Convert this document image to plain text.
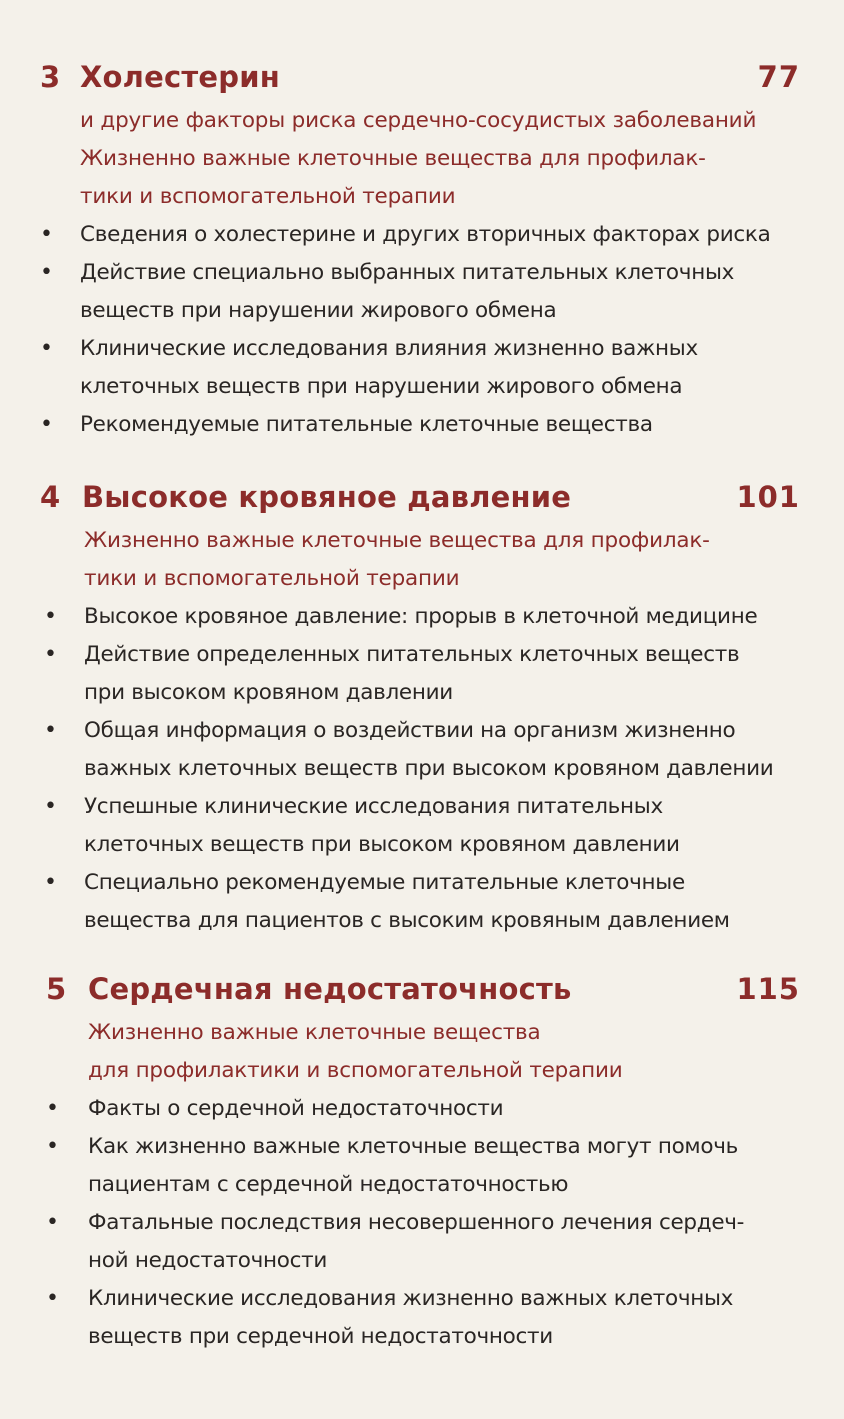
3 Холестерин	77
и другие факторы риска сердечно-сосудистых заболеваний
Жизненно важные клеточные вещества для профилак-
тики и вспомогательной терапии
• Сведения о холестерине и других вторичных факторах риска
• Действие специально выбранных питательных клеточных
веществ при нарушении жирового обмена
• Клинические исследования влияния жизненно важных
клеточных веществ при нарушении жирового обмена
• Рекомендуемые питательные клеточные вещества
4 Высокое кровяное давление	101
Жизненно важные клеточные вещества для профилак-
тики и вспомогательной терапии
• Высокое кровяное давление: прорыв в клеточной медицине
• Действие определенных питательных клеточных веществ
при высоком кровяном давлении
• Общая информация о воздействии на организм жизненно
важных клеточных веществ при высоком кровяном давлении
• Успешные клинические исследования питательных
клеточных веществ при высоком кровяном давлении
• Специально рекомендуемые питательные клеточные
вещества для пациентов с высоким кровяным давлением
5 Сердечная недостаточность	115
Жизненно важные клеточные вещества
для профилактики и вспомогательной терапии
• Факты о сердечной недостаточности
• Как жизненно важные клеточные вещества могут помочь
пациентам с сердечной недостаточностью
• Фатальные последствия несовершенного лечения сердеч-
ной недостаточности
• Клинические исследования жизненно важных клеточных
веществ при сердечной недостаточности
